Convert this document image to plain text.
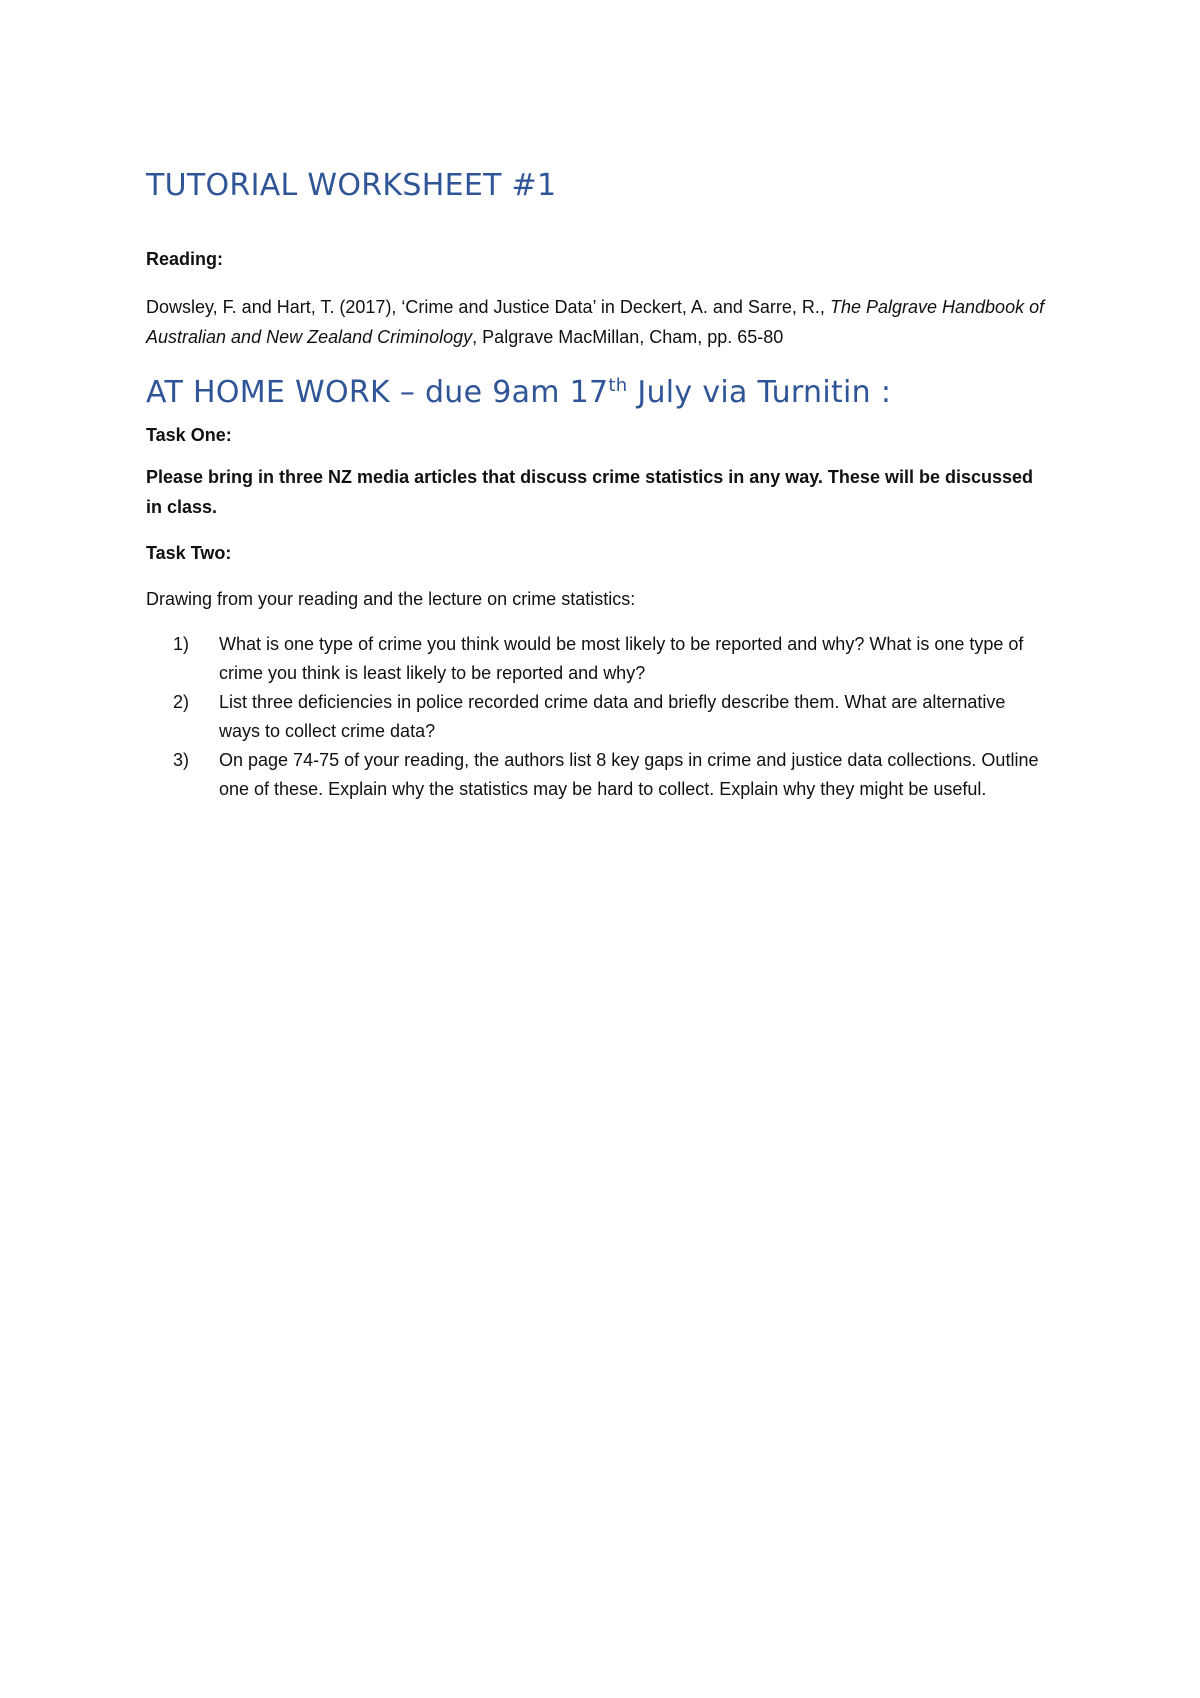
TUTORIAL WORKSHEET #1

Reading:

Dowsley, F. and Hart, T. (2017), ‘Crime and Justice Data’ in Deckert, A. and Sarre, R., The Palgrave Handbook of Australian and New Zealand Criminology, Palgrave MacMillan, Cham, pp. 65-80

AT HOME WORK – due 9am 17th July via Turnitin :

Task One:

Please bring in three NZ media articles that discuss crime statistics in any way. These will be discussed in class.

Task Two:

Drawing from your reading and the lecture on crime statistics:

1) What is one type of crime you think would be most likely to be reported and why? What is one type of crime you think is least likely to be reported and why?
2) List three deficiencies in police recorded crime data and briefly describe them. What are alternative ways to collect crime data?
3) On page 74-75 of your reading, the authors list 8 key gaps in crime and justice data collections. Outline one of these. Explain why the statistics may be hard to collect. Explain why they might be useful.
